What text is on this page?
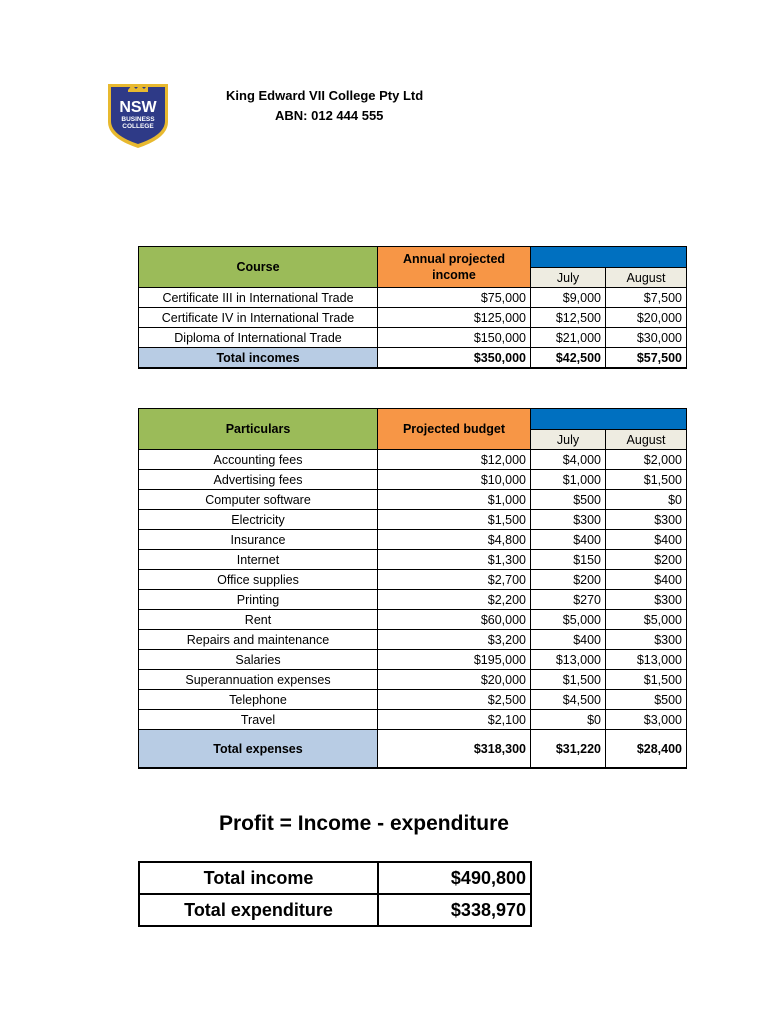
NSW
BUSINESS
COLLEGE
King Edward VII College Pty Ltd
ABN: 012 444 555
Course	Annual projected income		
		July	August
Certificate III in International Trade	$75,000	$9,000	$7,500
Certificate IV in International Trade	$125,000	$12,500	$20,000
Diploma of International Trade	$150,000	$21,000	$30,000
Total incomes	$350,000	$42,500	$57,500
Particulars	Projected budget		
		July	August
Accounting fees	$12,000	$4,000	$2,000
Advertising fees	$10,000	$1,000	$1,500
Computer software	$1,000	$500	$0
Electricity	$1,500	$300	$300
Insurance	$4,800	$400	$400
Internet	$1,300	$150	$200
Office supplies	$2,700	$200	$400
Printing	$2,200	$270	$300
Rent	$60,000	$5,000	$5,000
Repairs and maintenance	$3,200	$400	$300
Salaries	$195,000	$13,000	$13,000
Superannuation expenses	$20,000	$1,500	$1,500
Telephone	$2,500	$4,500	$500
Travel	$2,100	$0	$3,000
Total expenses	$318,300	$31,220	$28,400
Profit = Income - expenditure
Total income	$490,800
Total expenditure	$338,970
